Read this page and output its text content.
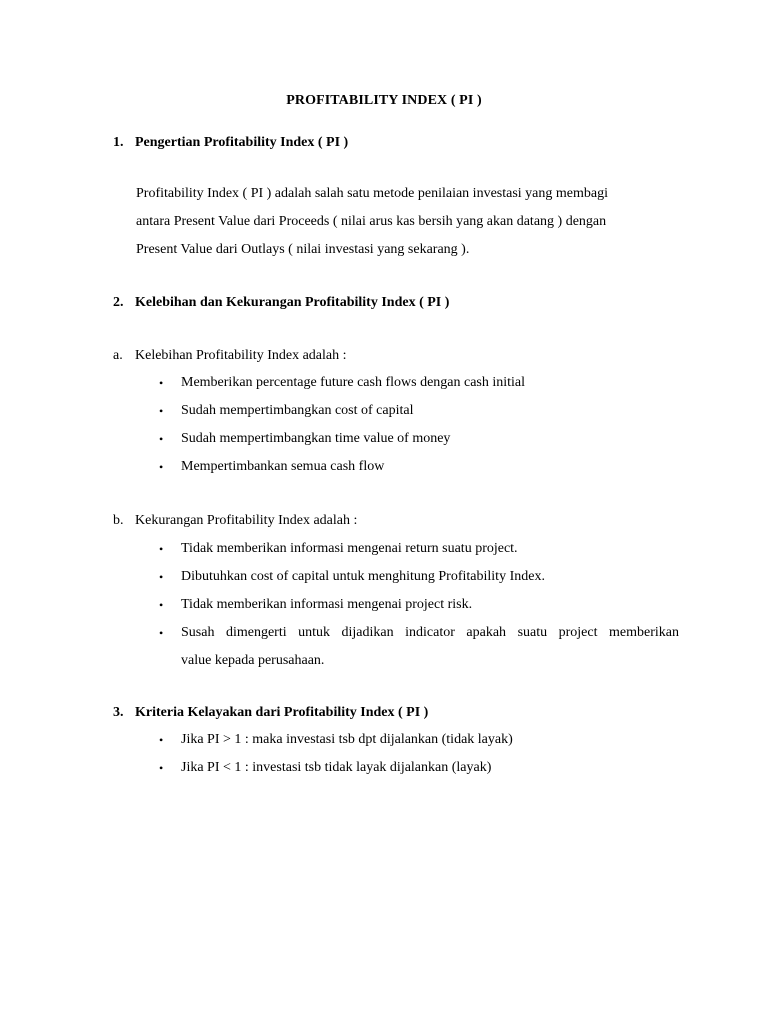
PROFITABILITY INDEX ( PI )
1. Pengertian Profitability Index ( PI )
Profitability Index ( PI ) adalah salah satu metode penilaian investasi yang membagi
antara Present Value dari Proceeds ( nilai arus kas bersih yang akan datang ) dengan
Present Value dari Outlays ( nilai investasi yang sekarang ).
2. Kelebihan dan Kekurangan Profitability Index ( PI )
a. Kelebihan Profitability Index adalah :
• Memberikan percentage future cash flows dengan cash initial
• Sudah mempertimbangkan cost of capital
• Sudah mempertimbangkan time value of money
• Mempertimbankan semua cash flow
b. Kekurangan Profitability Index adalah :
• Tidak memberikan informasi mengenai return suatu project.
• Dibutuhkan cost of capital untuk menghitung Profitability Index.
• Tidak memberikan informasi mengenai project risk.
• Susah dimengerti untuk dijadikan indicator apakah suatu project memberikan
value kepada perusahaan.
3. Kriteria Kelayakan dari Profitability Index ( PI )
• Jika PI > 1 : maka investasi tsb dpt dijalankan (tidak layak)
• Jika PI < 1 : investasi tsb tidak layak dijalankan (layak)
